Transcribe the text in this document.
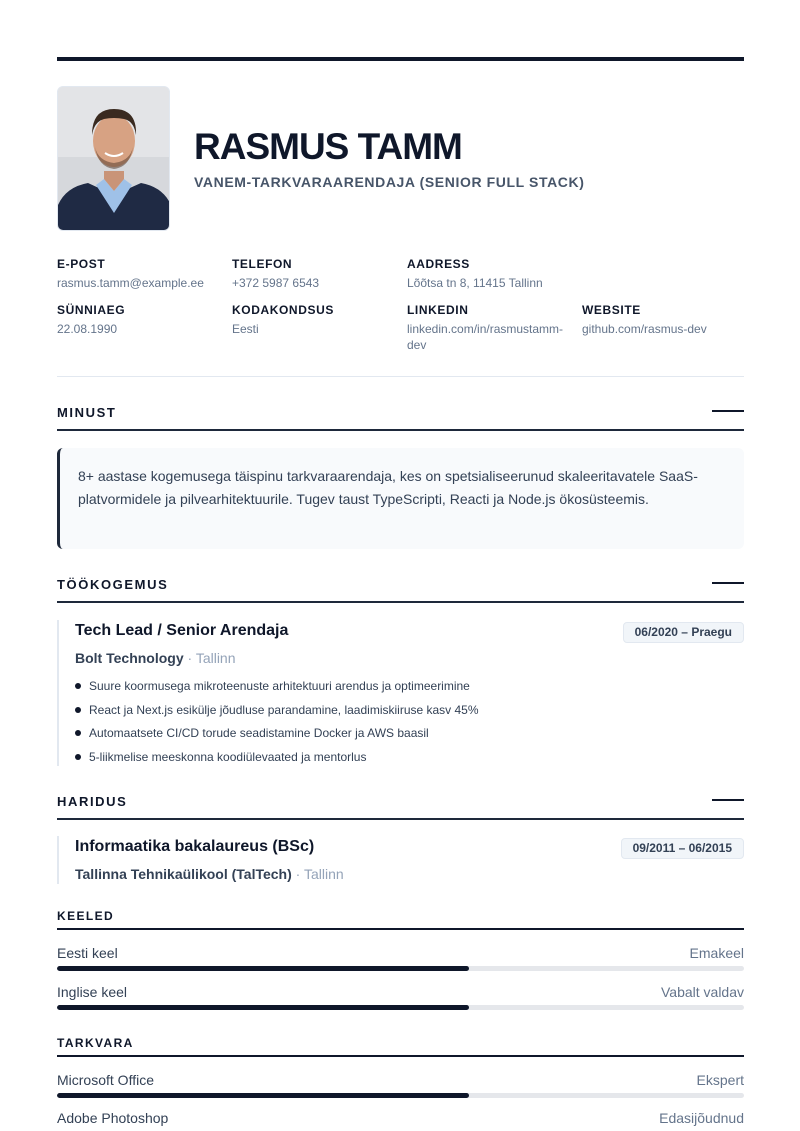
RASMUS TAMM
VANEM-TARKVARAARENDAJA (SENIOR FULL STACK)
E-POST
rasmus.tamm@example.ee
TELEFON
+372 5987 6543
AADRESS
Lõõtsa tn 8, 11415 Tallinn
SÜNNIAEG
22.08.1990
KODAKONDSUS
Eesti
LINKEDIN
linkedin.com/in/rasmustamm-dev
WEBSITE
github.com/rasmus-dev
MINUST
8+ aastase kogemusega täispinu tarkvaraarendaja, kes on spetsialiseerunud skaleeritavatele SaaS-platvormidele ja pilvearhitektuurile. Tugev taust TypeScripti, Reacti ja Node.js ökosüsteemis.
TÖÖKOGEMUS
Tech Lead / Senior Arendaja	06/2020 – Praegu
Bolt Technology · Tallinn
Suure koormusega mikroteenuste arhitektuuri arendus ja optimeerimine
React ja Next.js esikülje jõudluse parandamine, laadimiskiiruse kasv 45%
Automaatsete CI/CD torude seadistamine Docker ja AWS baasil
5-liikmelise meeskonna koodiülevaated ja mentorlus
HARIDUS
Informaatika bakalaureus (BSc)	09/2011 – 06/2015
Tallinna Tehnikaülikool (TalTech) · Tallinn
KEELED
Eesti keel	Emakeel
Inglise keel	Vabalt valdav
TARKVARA
Microsoft Office	Ekspert
Adobe Photoshop	Edasijõudnud
